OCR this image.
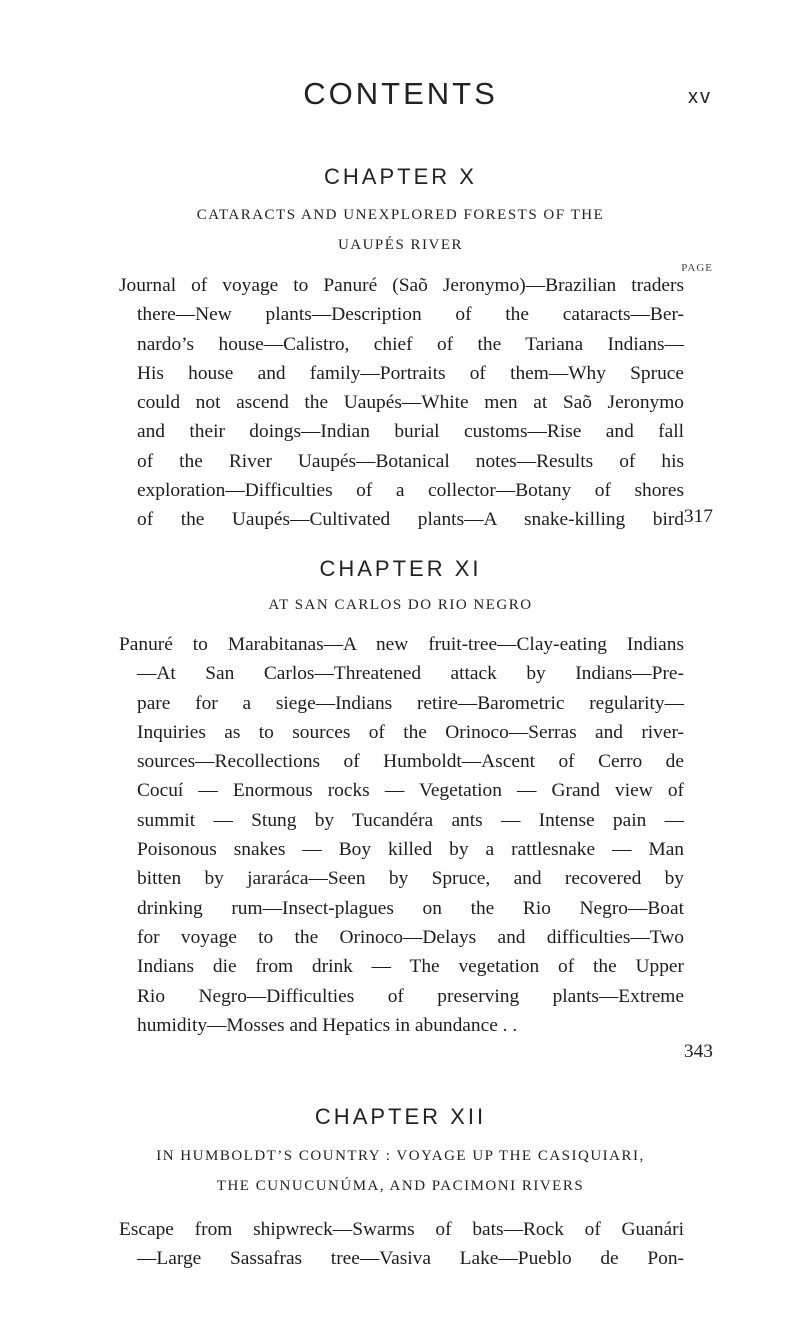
CONTENTS	xv
CHAPTER X

CATARACTS AND UNEXPLORED FORESTS OF THE

UAUPÉS RIVER

PAGE
Journal of voyage to Panuré (Saõ Jeronymo)—Brazilian traders
there—New plants—Description of the cataracts—Ber-
nardo’s house—Calistro, chief of the Tariana Indians—
His house and family—Portraits of them—Why Spruce
could not ascend the Uaupés—White men at Saõ Jeronymo
and their doings—Indian burial customs—Rise and fall
of the River Uaupés—Botanical notes—Results of his
exploration—Difficulties of a collector—Botany of shores
of the Uaupés—Cultivated plants—A snake-killing bird 317
CHAPTER XI

AT SAN CARLOS DO RIO NEGRO

Panuré to Marabitanas—A new fruit-tree—Clay-eating Indians
—At San Carlos—Threatened attack by Indians—Pre-
pare for a siege—Indians retire—Barometric regularity—
Inquiries as to sources of the Orinoco—Serras and river-
sources—Recollections of Humboldt—Ascent of Cerro de
Cocuí — Enormous rocks — Vegetation — Grand view of
summit — Stung by Tucandéra ants — Intense pain —
Poisonous snakes — Boy killed by a rattlesnake — Man
bitten by jararáca—Seen by Spruce, and recovered by
drinking rum—Insect-plagues on the Rio Negro—Boat
for voyage to the Orinoco—Delays and difficulties—Two
Indians die from drink — The vegetation of the Upper
Rio Negro—Difficulties of preserving plants—Extreme
humidity—Mosses and Hepatics in abundance . .
343
CHAPTER XII

IN HUMBOLDT’S COUNTRY : VOYAGE UP THE CASIQUIARI,

THE CUNUCUNÚMA, AND PACIMONI RIVERS

Escape from shipwreck—Swarms of bats—Rock of Guanári
—Large Sassafras tree—Vasiva Lake—Pueblo de Pon-
